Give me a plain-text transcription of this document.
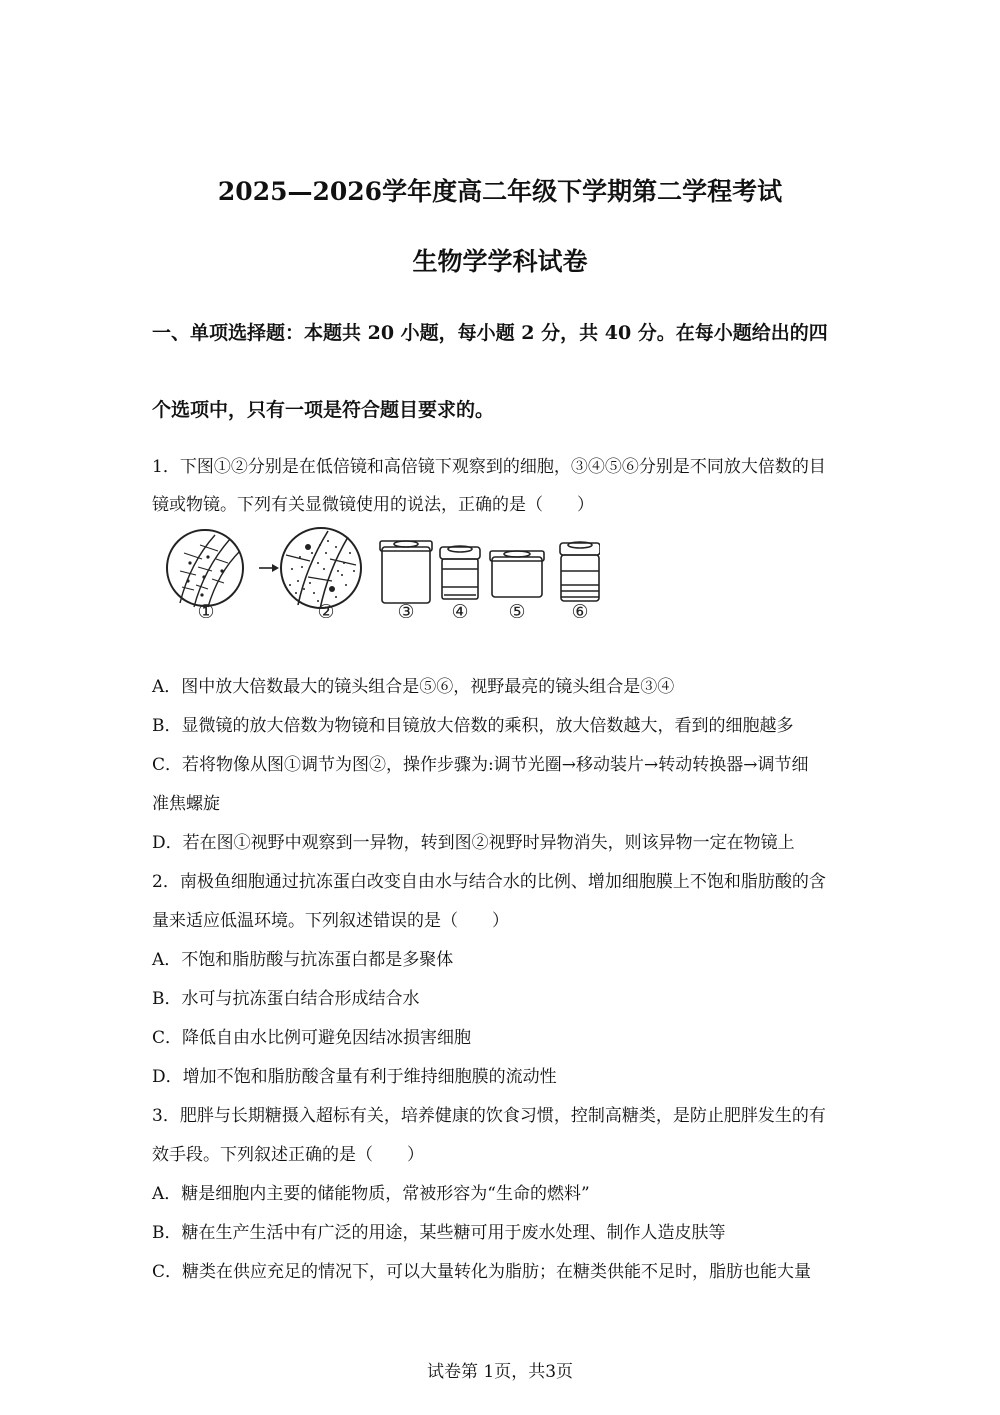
2025—2026学年度高二年级下学期第二学程考试
生物学学科试卷
一、单项选择题：本题共 20 小题，每小题 2 分，共 40 分。在每小题给出的四
个选项中，只有一项是符合题目要求的。
1．下图①②分别是在低倍镜和高倍镜下观察到的细胞，③④⑤⑥分别是不同放大倍数的目
镜或物镜。下列有关显微镜使用的说法，正确的是（　　）
①	②	③ ④ ⑤ ⑥
A．图中放大倍数最大的镜头组合是⑤⑥，视野最亮的镜头组合是③④
B．显微镜的放大倍数为物镜和目镜放大倍数的乘积，放大倍数越大，看到的细胞越多
C．若将物像从图①调节为图②，操作步骤为:调节光圈→移动装片→转动转换器→调节细
准焦螺旋
D．若在图①视野中观察到一异物，转到图②视野时异物消失，则该异物一定在物镜上
2．南极鱼细胞通过抗冻蛋白改变自由水与结合水的比例、增加细胞膜上不饱和脂肪酸的含
量来适应低温环境。下列叙述错误的是（　　）
A．不饱和脂肪酸与抗冻蛋白都是多聚体
B．水可与抗冻蛋白结合形成结合水
C．降低自由水比例可避免因结冰损害细胞
D．增加不饱和脂肪酸含量有利于维持细胞膜的流动性
3．肥胖与长期糖摄入超标有关，培养健康的饮食习惯，控制高糖类，是防止肥胖发生的有
效手段。下列叙述正确的是（　　）
A．糖是细胞内主要的储能物质，常被形容为“生命的燃料”
B．糖在生产生活中有广泛的用途，某些糖可用于废水处理、制作人造皮肤等
C．糖类在供应充足的情况下，可以大量转化为脂肪；在糖类供能不足时，脂肪也能大量
试卷第 1页，共3页
